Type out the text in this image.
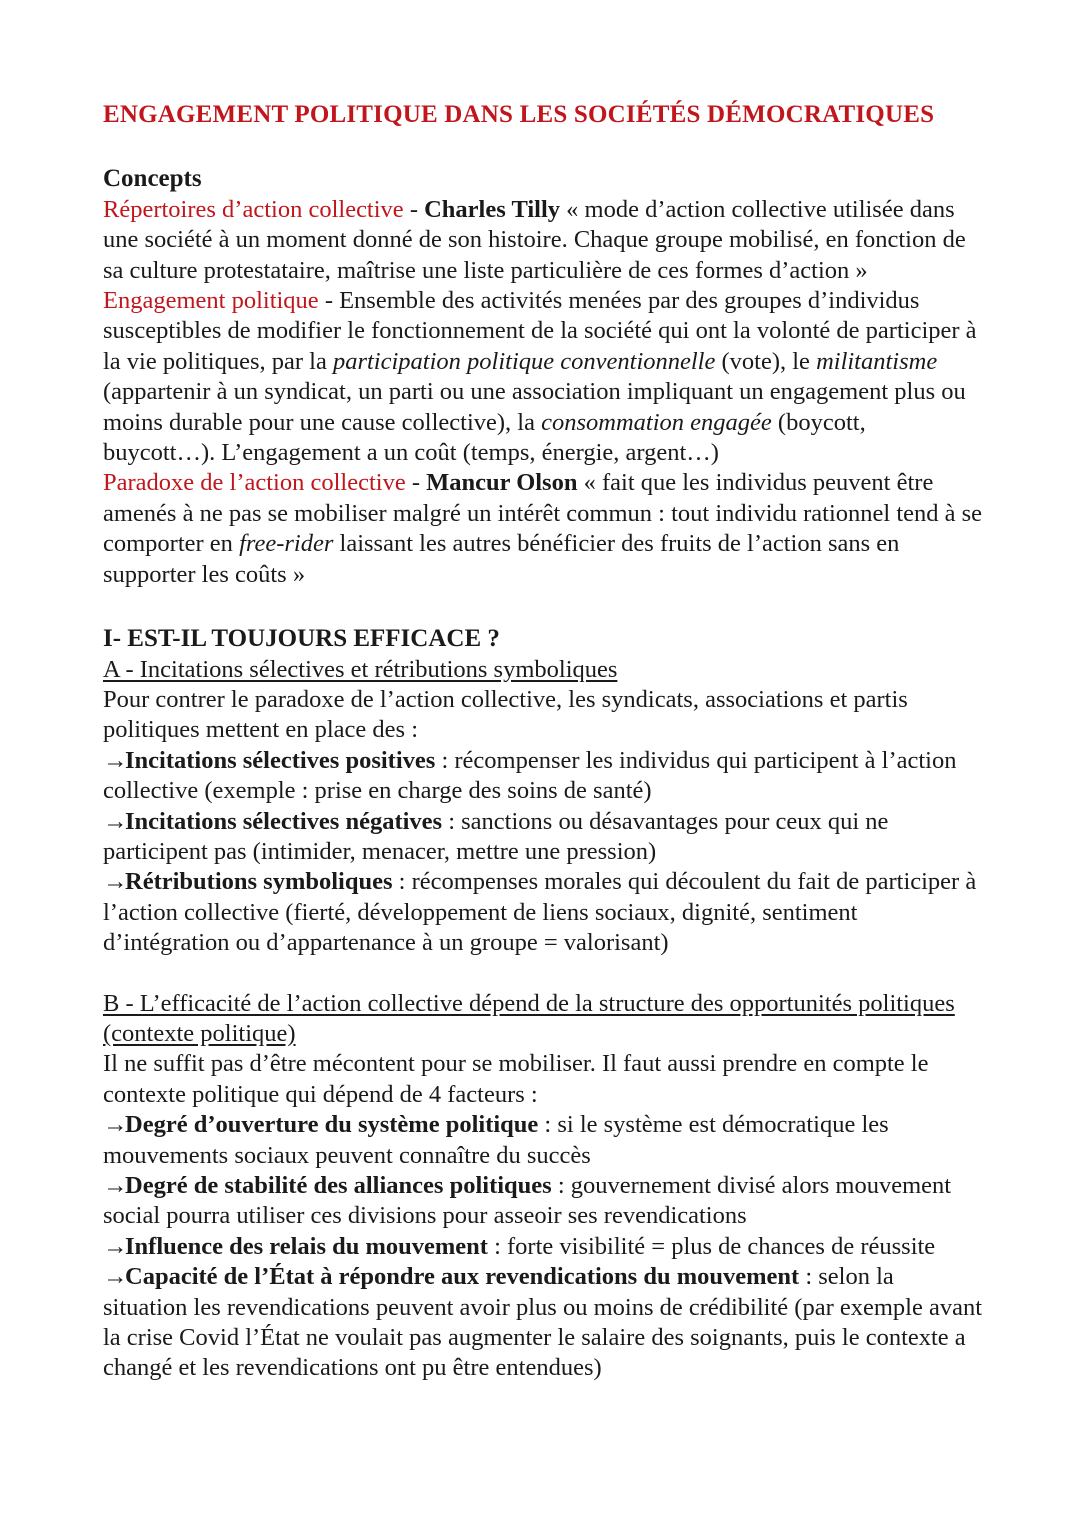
ENGAGEMENT POLITIQUE DANS LES SOCIÉTÉS DÉMOCRATIQUES

Concepts

Répertoires d’action collective - Charles Tilly « mode d’action collective utilisée dans une société à un moment donné de son histoire. Chaque groupe mobilisé, en fonction de sa culture protestataire, maîtrise une liste particulière de ces formes d’action »

Engagement politique - Ensemble des activités menées par des groupes d’individus susceptibles de modifier le fonctionnement de la société qui ont la volonté de participer à la vie politiques, par la participation politique conventionnelle (vote), le militantisme (appartenir à un syndicat, un parti ou une association impliquant un engagement plus ou moins durable pour une cause collective), la consommation engagée (boycott, buycott…). L’engagement a un coût (temps, énergie, argent…)

Paradoxe de l’action collective - Mancur Olson « fait que les individus peuvent être amenés à ne pas se mobiliser malgré un intérêt commun : tout individu rationnel tend à se comporter en free-rider laissant les autres bénéficier des fruits de l’action sans en supporter les coûts »

I- EST-IL TOUJOURS EFFICACE ?

A - Incitations sélectives et rétributions symboliques

Pour contrer le paradoxe de l’action collective, les syndicats, associations et partis politiques mettent en place des :

→Incitations sélectives positives : récompenser les individus qui participent à l’action collective (exemple : prise en charge des soins de santé)

→Incitations sélectives négatives : sanctions ou désavantages pour ceux qui ne participent pas (intimider, menacer, mettre une pression)

→Rétributions symboliques : récompenses morales qui découlent du fait de participer à l’action collective (fierté, développement de liens sociaux, dignité, sentiment d’intégration ou d’appartenance à un groupe = valorisant)

B - L’efficacité de l’action collective dépend de la structure des opportunités politiques (contexte politique)

Il ne suffit pas d’être mécontent pour se mobiliser. Il faut aussi prendre en compte le contexte politique qui dépend de 4 facteurs :

→Degré d’ouverture du système politique : si le système est démocratique les mouvements sociaux peuvent connaître du succès

→Degré de stabilité des alliances politiques : gouvernement divisé alors mouvement social pourra utiliser ces divisions pour asseoir ses revendications

→Influence des relais du mouvement : forte visibilité = plus de chances de réussite

→Capacité de l’État à répondre aux revendications du mouvement : selon la situation les revendications peuvent avoir plus ou moins de crédibilité (par exemple avant la crise Covid l’État ne voulait pas augmenter le salaire des soignants, puis le contexte a changé et les revendications ont pu être entendues)
